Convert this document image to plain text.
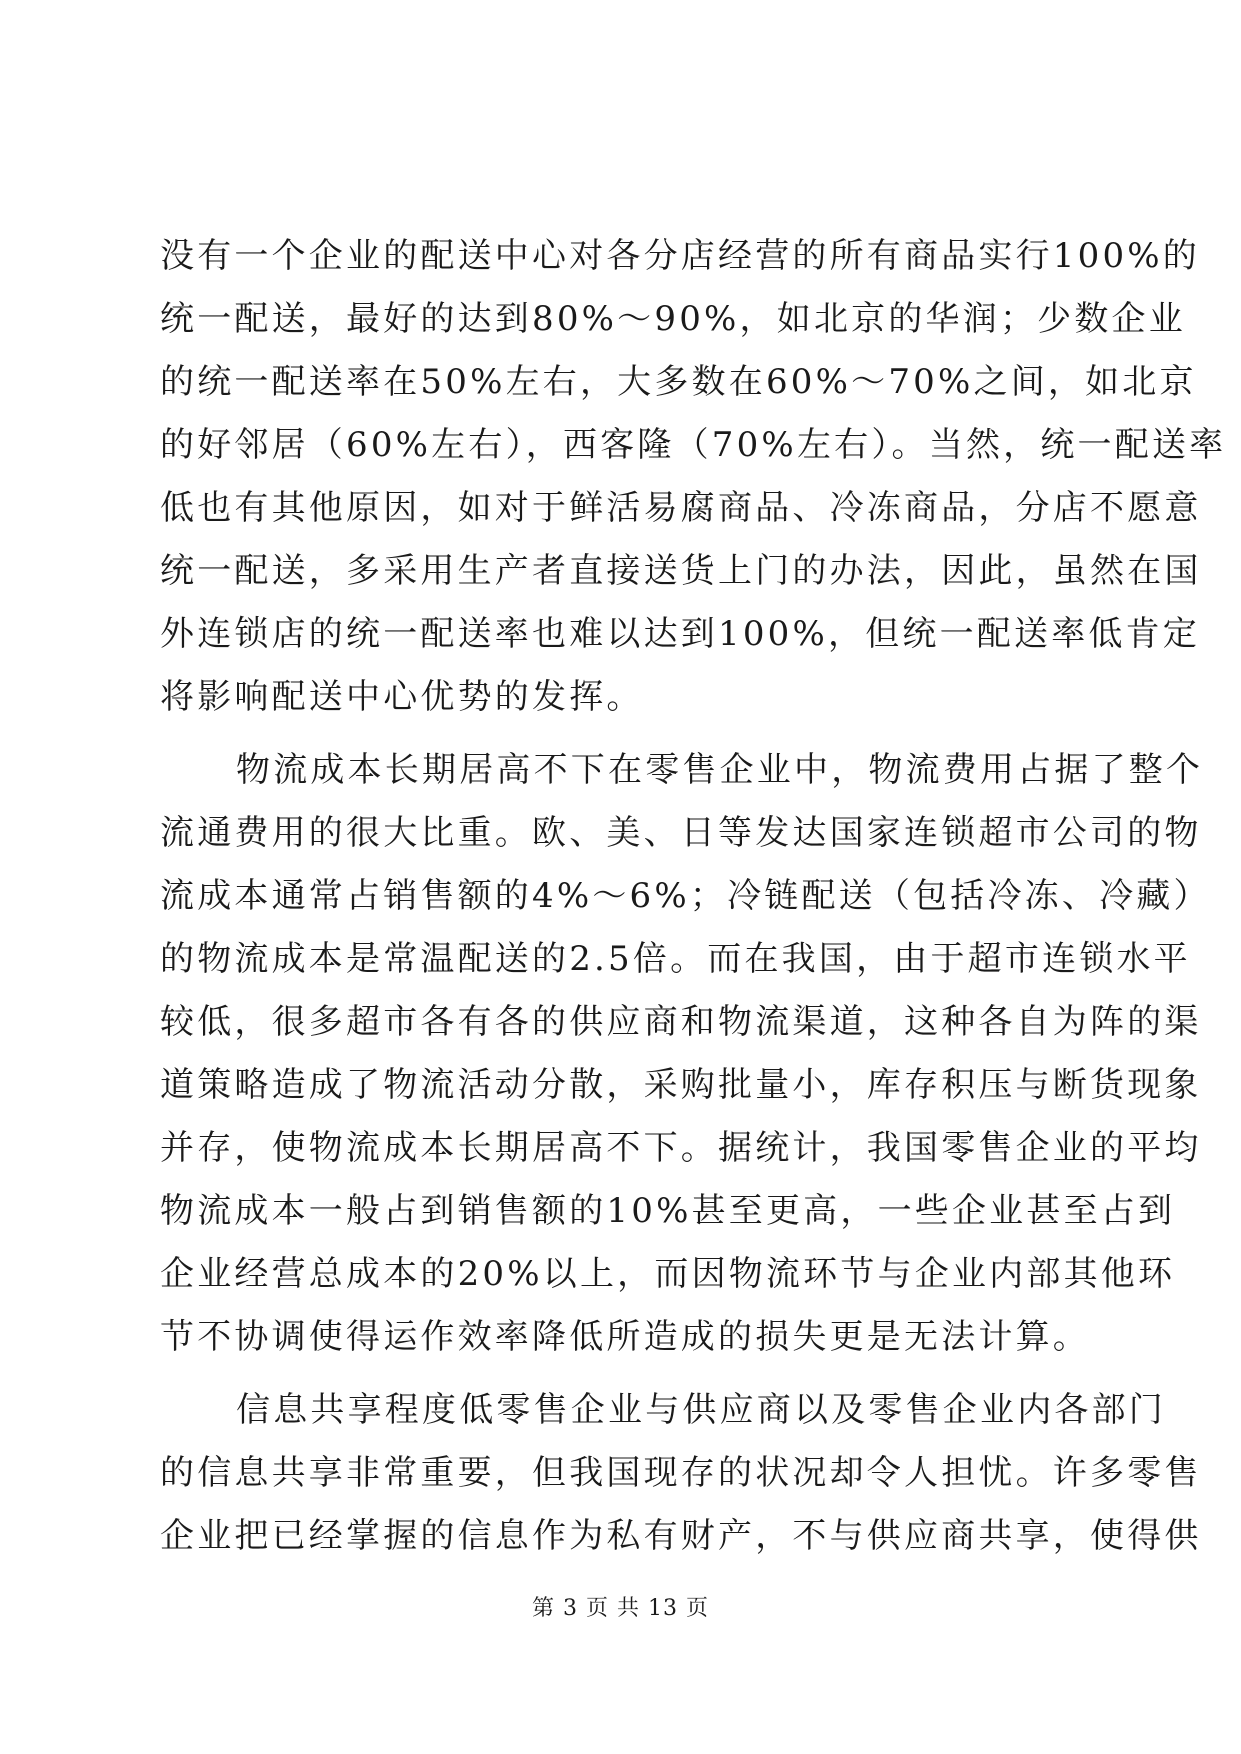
没有一个企业的配送中心对各分店经营的所有商品实行100%的
统一配送，最好的达到80%～90%，如北京的华润；少数企业
的统一配送率在50%左右，大多数在60%～70%之间，如北京
的好邻居（60%左右），西客隆（70%左右）。当然，统一配送率
低也有其他原因，如对于鲜活易腐商品、冷冻商品，分店不愿意
统一配送，多采用生产者直接送货上门的办法，因此，虽然在国
外连锁店的统一配送率也难以达到100%，但统一配送率低肯定
将影响配送中心优势的发挥。
物流成本长期居高不下在零售企业中，物流费用占据了整个
流通费用的很大比重。欧、美、日等发达国家连锁超市公司的物
流成本通常占销售额的4%～6%；冷链配送（包括冷冻、冷藏）
的物流成本是常温配送的2.5倍。而在我国，由于超市连锁水平
较低，很多超市各有各的供应商和物流渠道，这种各自为阵的渠
道策略造成了物流活动分散，采购批量小，库存积压与断货现象
并存，使物流成本长期居高不下。据统计，我国零售企业的平均
物流成本一般占到销售额的10%甚至更高，一些企业甚至占到
企业经营总成本的20%以上，而因物流环节与企业内部其他环
节不协调使得运作效率降低所造成的损失更是无法计算。
信息共享程度低零售企业与供应商以及零售企业内各部门
的信息共享非常重要，但我国现存的状况却令人担忧。许多零售
企业把已经掌握的信息作为私有财产，不与供应商共享，使得供
第 3 页 共 13 页
